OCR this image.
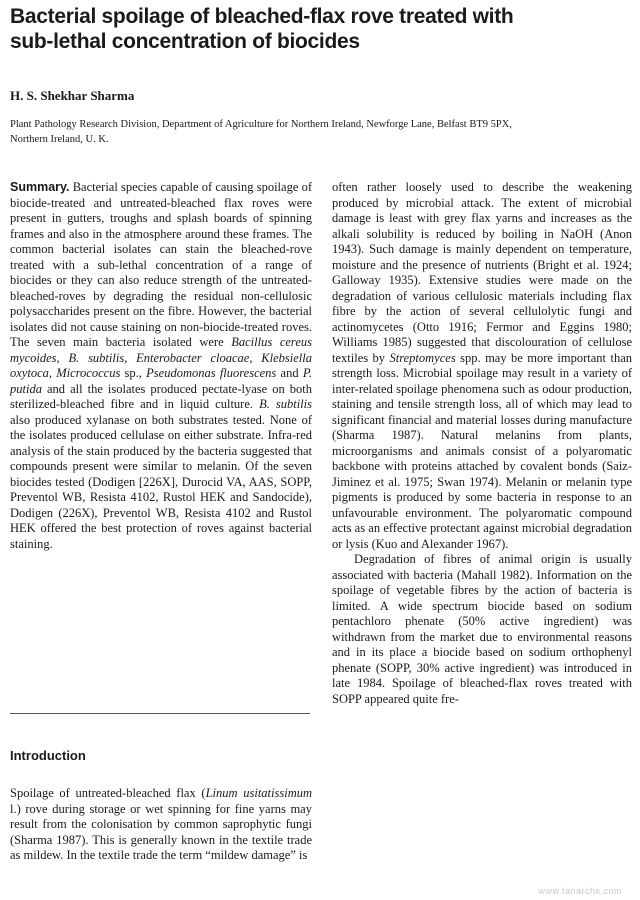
Bacterial spoilage of bleached-flax rove treated with
sub-lethal concentration of biocides

H. S. Shekhar Sharma

Plant Pathology Research Division, Department of Agriculture for Northern Ireland, Newforge Lane, Belfast BT9 5PX,
Northern Ireland, U. K.

Summary. Bacterial species capable of causing spoilage of biocide-treated and untreated-bleached flax roves were present in gutters, troughs and splash boards of spinning frames and also in the atmosphere around these frames. The common bacterial isolates can stain the bleached-rove treated with a sub-lethal concentration of a range of biocides or they can also reduce strength of the untreated-bleached-roves by degrading the residual non-cellulosic polysaccharides present on the fibre. However, the bacterial isolates did not cause staining on non-biocide-treated roves. The seven main bacteria isolated were Bacillus cereus mycoides, B. subtilis, Enterobacter cloacae, Klebsiella oxytoca, Micrococcus sp., Pseudomonas fluorescens and P. putida and all the isolates produced pectate-lyase on both sterilized-bleached fibre and in liquid culture. B. subtilis also produced xylanase on both substrates tested. None of the isolates produced cellulase on either substrate. Infra-red analysis of the stain produced by the bacteria suggested that compounds present were similar to melanin. Of the seven biocides tested (Dodigen [226X], Durocid VA, AAS, SOPP, Preventol WB, Resista 4102, Rustol HEK and Sandocide), Dodigen (226X), Preventol WB, Resista 4102 and Rustol HEK offered the best protection of roves against bacterial staining.

Introduction

Spoilage of untreated-bleached flax (Linum usitatissimum l.) rove during storage or wet spinning for fine yarns may result from the colonisation by common saprophytic fungi (Sharma 1987). This is generally known in the textile trade as mildew. In the textile trade the term “mildew damage” is

often rather loosely used to describe the weakening produced by microbial attack. The extent of microbial damage is least with grey flax yarns and increases as the alkali solubility is reduced by boiling in NaOH (Anon 1943). Such damage is mainly dependent on temperature, moisture and the presence of nutrients (Bright et al. 1924; Galloway 1935). Extensive studies were made on the degradation of various cellulosic materials including flax fibre by the action of several cellulolytic fungi and actinomycetes (Otto 1916; Fermor and Eggins 1980; Williams 1985) suggested that discolouration of cellulose textiles by Streptomyces spp. may be more important than strength loss. Microbial spoilage may result in a variety of inter-related spoilage phenomena such as odour production, staining and tensile strength loss, all of which may lead to significant financial and material losses during manufacture (Sharma 1987). Natural melanins from plants, microorganisms and animals consist of a polyaromatic backbone with proteins attached by covalent bonds (Saiz-Jiminez et al. 1975; Swan 1974). Melanin or melanin type pigments is produced by some bacteria in response to an unfavourable environment. The polyaromatic compound acts as an effective protectant against microbial degradation or lysis (Kuo and Alexander 1967).

Degradation of fibres of animal origin is usually associated with bacteria (Mahall 1982). Information on the spoilage of vegetable fibres by the action of bacteria is limited. A wide spectrum biocide based on sodium pentachloro phenate (50% active ingredient) was withdrawn from the market due to environmental reasons and in its place a biocide based on sodium orthophenyl phenate (SOPP, 30% active ingredient) was introduced in late 1984. Spoilage of bleached-flax roves treated with SOPP appeared quite fre-

www.fanarchs.com
